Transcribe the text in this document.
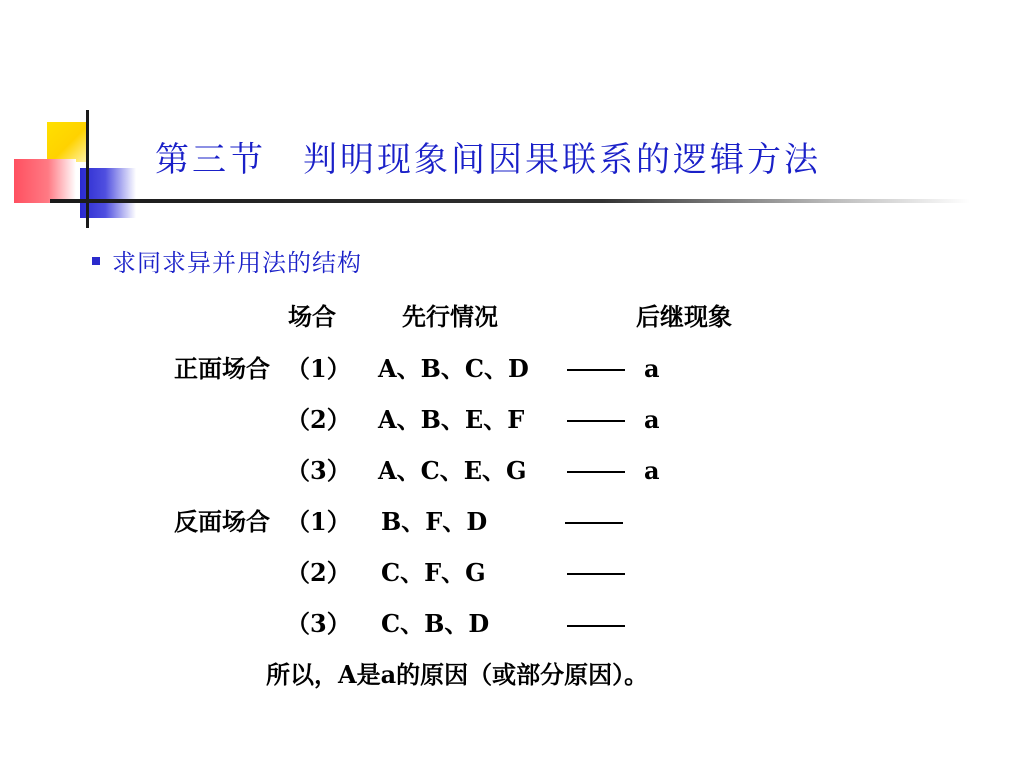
第三节　判明现象间因果联系的逻辑方法
求同求异并用法的结构
场合	先行情况	后继现象
正面场合 （1） A、B、C、D	a
（2） A、B、E、F	a
（3） A、C、E、G	a
反面场合 （1） B、F、D
（2） C、F、G
（3） C、B、D
所以，A是a的原因（或部分原因）。
